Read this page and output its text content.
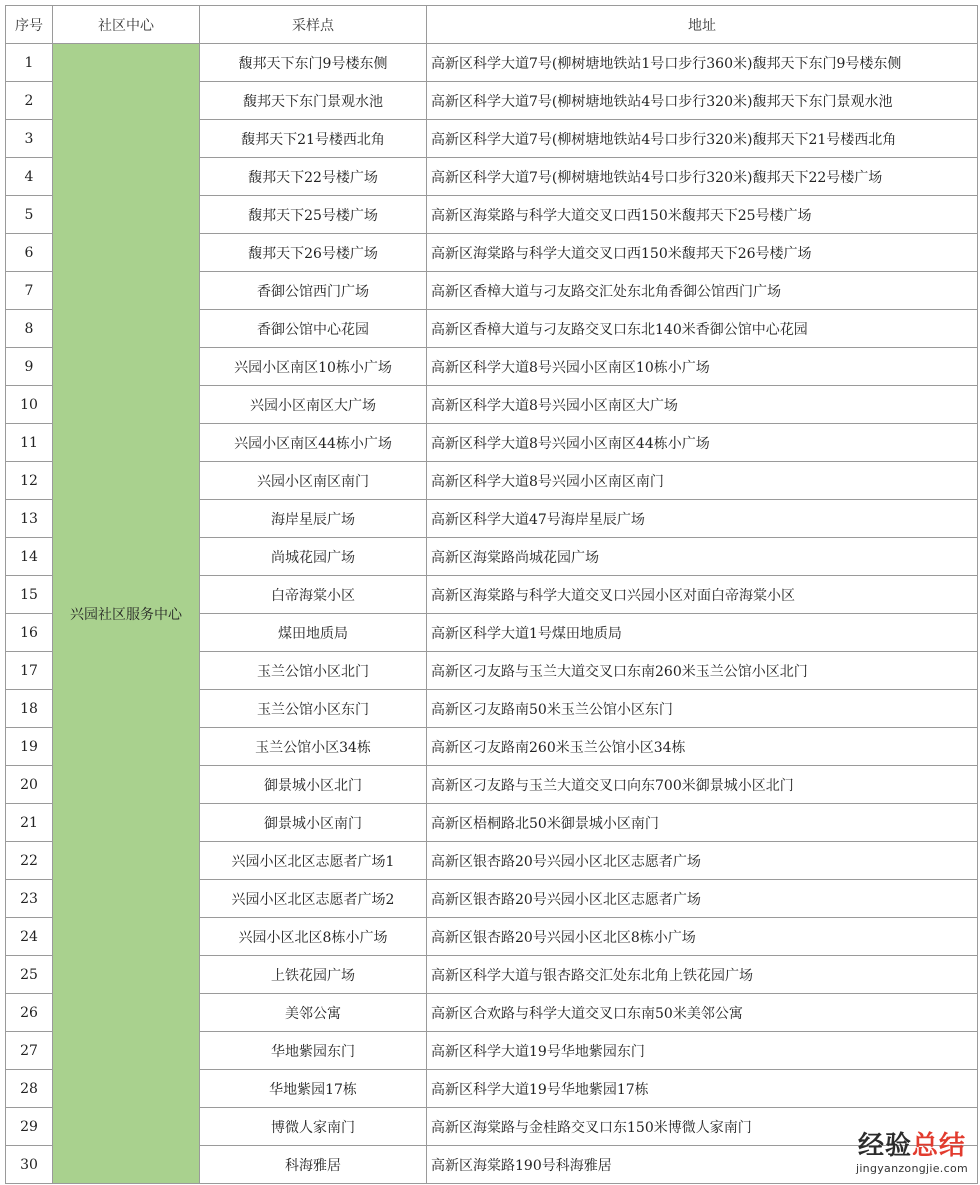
序号	社区中心	采样点	地址
1	兴园社区服务中心	馥邦天下东门9号楼东侧	高新区科学大道7号(柳树塘地铁站1号口步行360米)馥邦天下东门9号楼东侧
2		馥邦天下东门景观水池	高新区科学大道7号(柳树塘地铁站4号口步行320米)馥邦天下东门景观水池
3		馥邦天下21号楼西北角	高新区科学大道7号(柳树塘地铁站4号口步行320米)馥邦天下21号楼西北角
4		馥邦天下22号楼广场	高新区科学大道7号(柳树塘地铁站4号口步行320米)馥邦天下22号楼广场
5		馥邦天下25号楼广场	高新区海棠路与科学大道交叉口西150米馥邦天下25号楼广场
6		馥邦天下26号楼广场	高新区海棠路与科学大道交叉口西150米馥邦天下26号楼广场
7		香御公馆西门广场	高新区香樟大道与刁友路交汇处东北角香御公馆西门广场
8		香御公馆中心花园	高新区香樟大道与刁友路交叉口东北140米香御公馆中心花园
9		兴园小区南区10栋小广场	高新区科学大道8号兴园小区南区10栋小广场
10		兴园小区南区大广场	高新区科学大道8号兴园小区南区大广场
11		兴园小区南区44栋小广场	高新区科学大道8号兴园小区南区44栋小广场
12		兴园小区南区南门	高新区科学大道8号兴园小区南区南门
13		海岸星辰广场	高新区科学大道47号海岸星辰广场
14		尚城花园广场	高新区海棠路尚城花园广场
15		白帝海棠小区	高新区海棠路与科学大道交叉口兴园小区对面白帝海棠小区
16		煤田地质局	高新区科学大道1号煤田地质局
17		玉兰公馆小区北门	高新区刁友路与玉兰大道交叉口东南260米玉兰公馆小区北门
18		玉兰公馆小区东门	高新区刁友路南50米玉兰公馆小区东门
19		玉兰公馆小区34栋	高新区刁友路南260米玉兰公馆小区34栋
20		御景城小区北门	高新区刁友路与玉兰大道交叉口向东700米御景城小区北门
21		御景城小区南门	高新区梧桐路北50米御景城小区南门
22		兴园小区北区志愿者广场1	高新区银杏路20号兴园小区北区志愿者广场
23		兴园小区北区志愿者广场2	高新区银杏路20号兴园小区北区志愿者广场
24		兴园小区北区8栋小广场	高新区银杏路20号兴园小区北区8栋小广场
25		上铁花园广场	高新区科学大道与银杏路交汇处东北角上铁花园广场
26		美邻公寓	高新区合欢路与科学大道交叉口东南50米美邻公寓
27		华地紫园东门	高新区科学大道19号华地紫园东门
28		华地紫园17栋	高新区科学大道19号华地紫园17栋
29		博微人家南门	高新区海棠路与金桂路交叉口东150米博微人家南门
30		科海雅居	高新区海棠路190号科海雅居
经验总结
jingyanzongjie.com
